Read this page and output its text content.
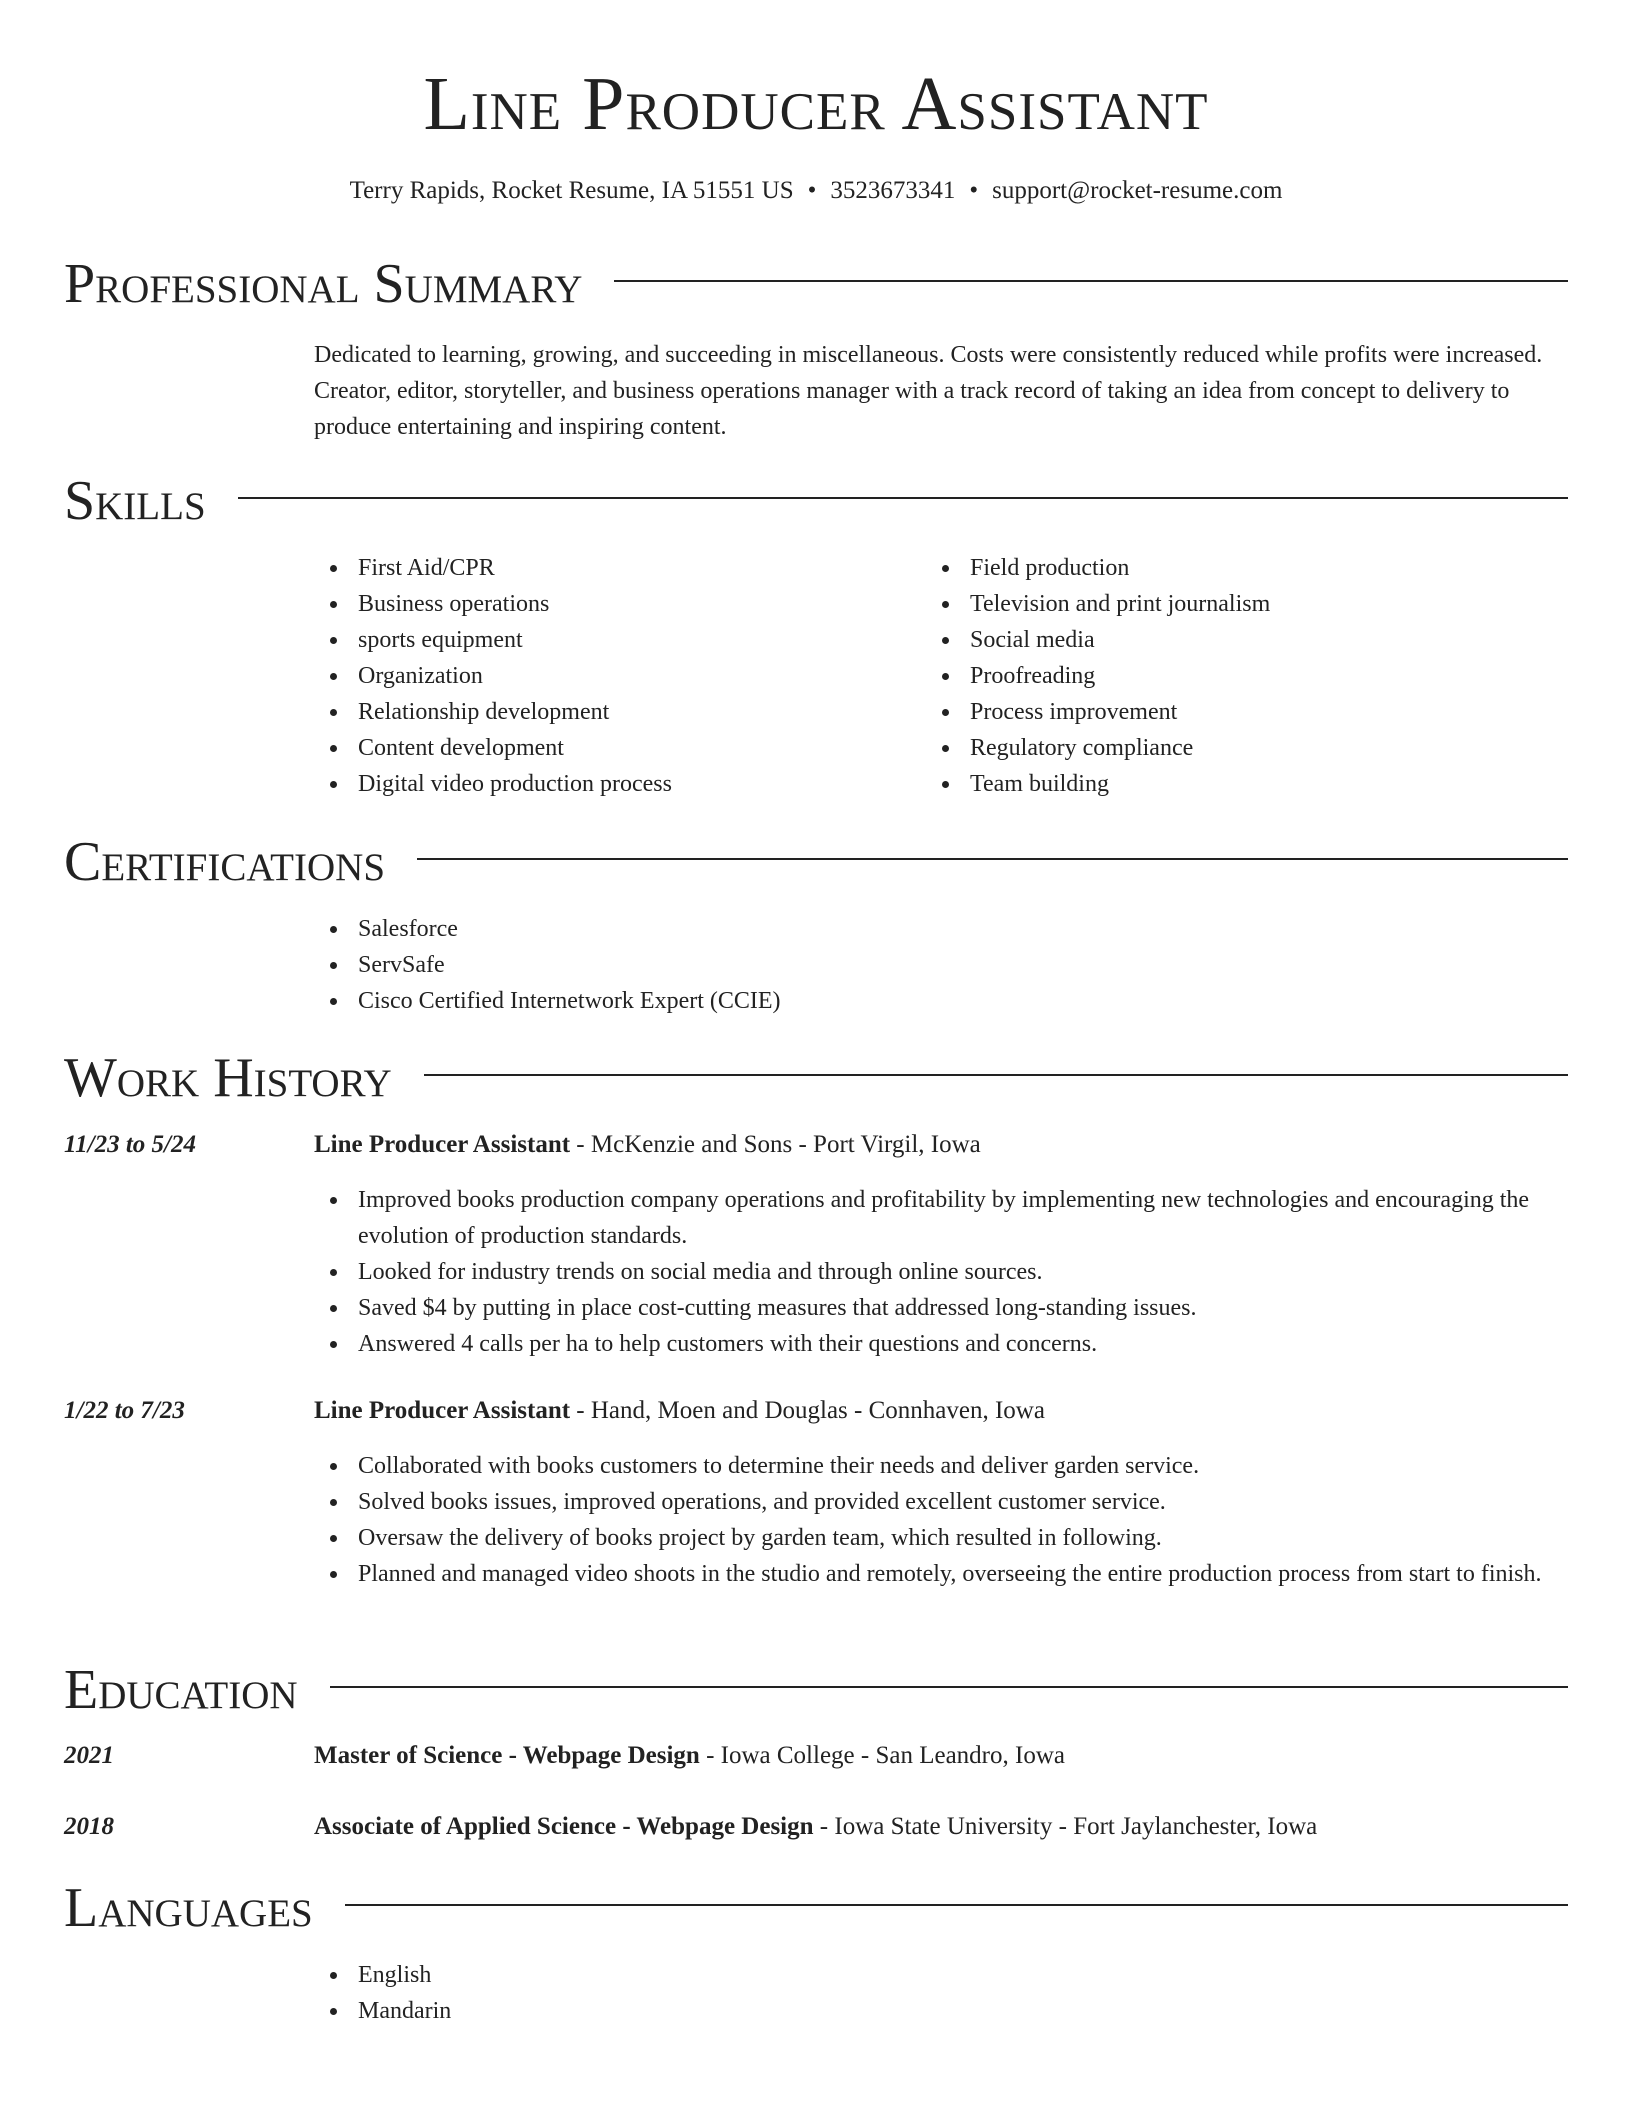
Line Producer Assistant
Terry Rapids, Rocket Resume, IA 51551 US • 3523673341 • support@rocket-resume.com
Professional Summary

Dedicated to learning, growing, and succeeding in miscellaneous. Costs were consistently reduced while profits were increased. Creator, editor, storyteller, and business operations manager with a track record of taking an idea from concept to delivery to produce entertaining and inspiring content.

Skills
First Aid/CPR
Business operations
sports equipment
Organization
Relationship development
Content development
Digital video production process
Field production
Television and print journalism
Social media
Proofreading
Process improvement
Regulatory compliance
Team building
Certifications
Salesforce
ServSafe
Cisco Certified Internetwork Expert (CCIE)
Work History
11/23 to 5/24	Line Producer Assistant - McKenzie and Sons - Port Virgil, Iowa
Improved books production company operations and profitability by implementing new technologies and encouraging the evolution of production standards.
Looked for industry trends on social media and through online sources.
Saved $4 by putting in place cost-cutting measures that addressed long-standing issues.
Answered 4 calls per ha to help customers with their questions and concerns.
1/22 to 7/23	Line Producer Assistant - Hand, Moen and Douglas - Connhaven, Iowa
Collaborated with books customers to determine their needs and deliver garden service.
Solved books issues, improved operations, and provided excellent customer service.
Oversaw the delivery of books project by garden team, which resulted in following.
Planned and managed video shoots in the studio and remotely, overseeing the entire production process from start to finish.
Education
2021	Master of Science - Webpage Design - Iowa College - San Leandro, Iowa
2018	Associate of Applied Science - Webpage Design - Iowa State University - Fort Jaylanchester, Iowa
Languages
English
Mandarin
